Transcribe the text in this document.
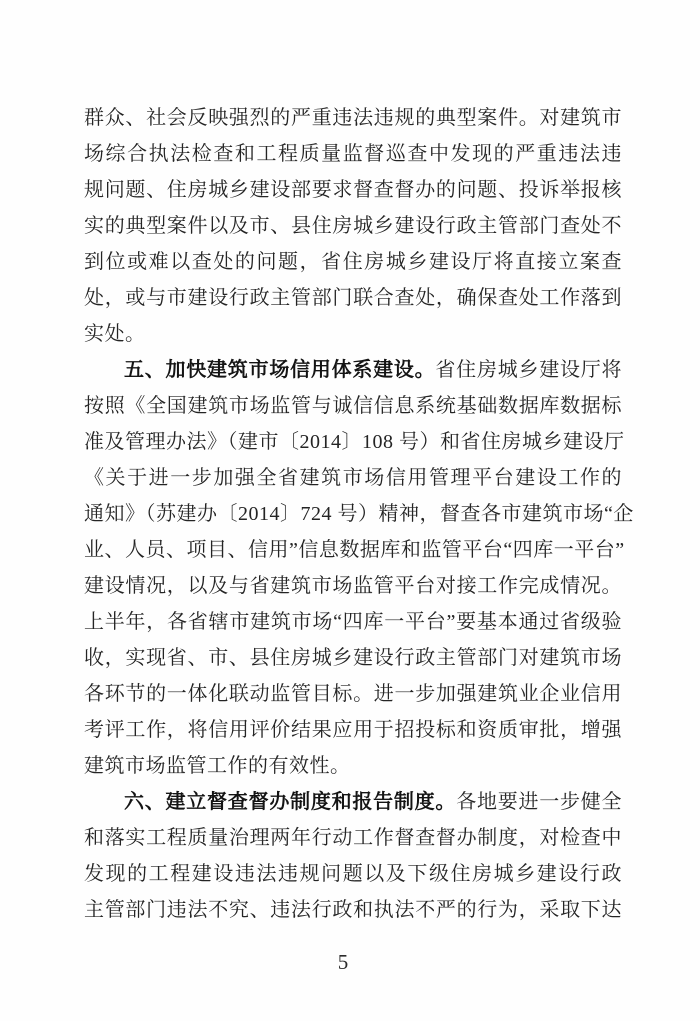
群众、社会反映强烈的严重违法违规的典型案件。对建筑市
场综合执法检查和工程质量监督巡查中发现的严重违法违
规问题、住房城乡建设部要求督查督办的问题、投诉举报核
实的典型案件以及市、县住房城乡建设行政主管部门查处不
到位或难以查处的问题，省住房城乡建设厅将直接立案查
处，或与市建设行政主管部门联合查处，确保查处工作落到
实处。
五、加快建筑市场信用体系建设。省住房城乡建设厅将
按照《全国建筑市场监管与诚信信息系统基础数据库数据标
准及管理办法》（建市〔2014〕108 号）和省住房城乡建设厅
《关于进一步加强全省建筑市场信用管理平台建设工作的
通知》（苏建办〔2014〕724 号）精神，督查各市建筑市场“企
业、人员、项目、信用”信息数据库和监管平台“四库一平台”
建设情况，以及与省建筑市场监管平台对接工作完成情况。
上半年，各省辖市建筑市场“四库一平台”要基本通过省级验
收，实现省、市、县住房城乡建设行政主管部门对建筑市场
各环节的一体化联动监管目标。进一步加强建筑业企业信用
考评工作，将信用评价结果应用于招投标和资质审批，增强
建筑市场监管工作的有效性。
六、建立督查督办制度和报告制度。各地要进一步健全
和落实工程质量治理两年行动工作督查督办制度，对检查中
发现的工程建设违法违规问题以及下级住房城乡建设行政
主管部门违法不究、违法行政和执法不严的行为，采取下达
5
